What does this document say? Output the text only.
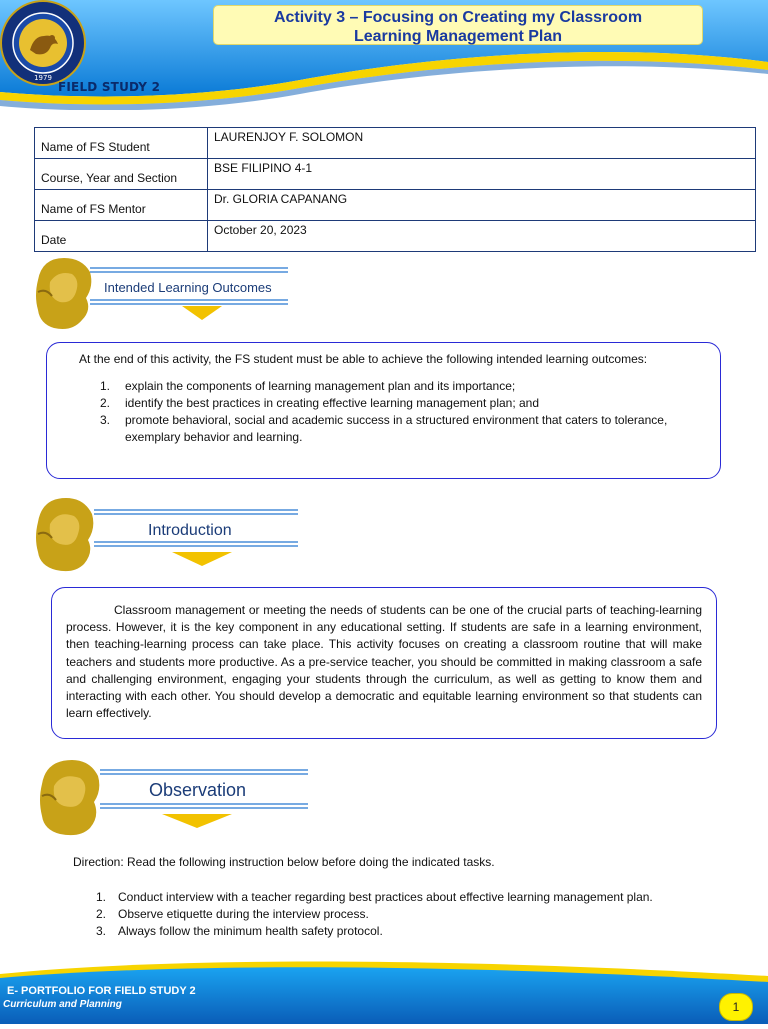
1979
FIELD STUDY 2
Activity 3 – Focusing on Creating my Classroom
Learning Management Plan
Name of FS Student	LAURENJOY F. SOLOMON
Course, Year and Section	BSE FILIPINO 4-1
Name of FS Mentor	Dr. GLORIA CAPANANG
Date	October 20, 2023
Intended Learning Outcomes
At the end of this activity, the FS student must be able to achieve the following intended learning outcomes:
1. explain the components of learning management plan and its importance;
2. identify the best practices in creating effective learning management plan; and
3. promote behavioral, social and academic success in a structured environment that caters to tolerance, exemplary behavior and learning.
Introduction
Classroom management or meeting the needs of students can be one of the crucial parts of teaching-learning process. However, it is the key component in any educational setting. If students are safe in a learning environment, then teaching-learning process can take place. This activity focuses on creating a classroom routine that will make teachers and students more productive. As a pre-service teacher, you should be committed in making classroom a safe and challenging environment, engaging your students through the curriculum, as well as getting to know them and interacting with each other. You should develop a democratic and equitable learning environment so that students can learn effectively.
Observation
Direction: Read the following instruction below before doing the indicated tasks.
1. Conduct interview with a teacher regarding best practices about effective learning management plan.
2. Observe etiquette during the interview process.
3. Always follow the minimum health safety protocol.
E- PORTFOLIO FOR FIELD STUDY 2
Curriculum and Planning	1
